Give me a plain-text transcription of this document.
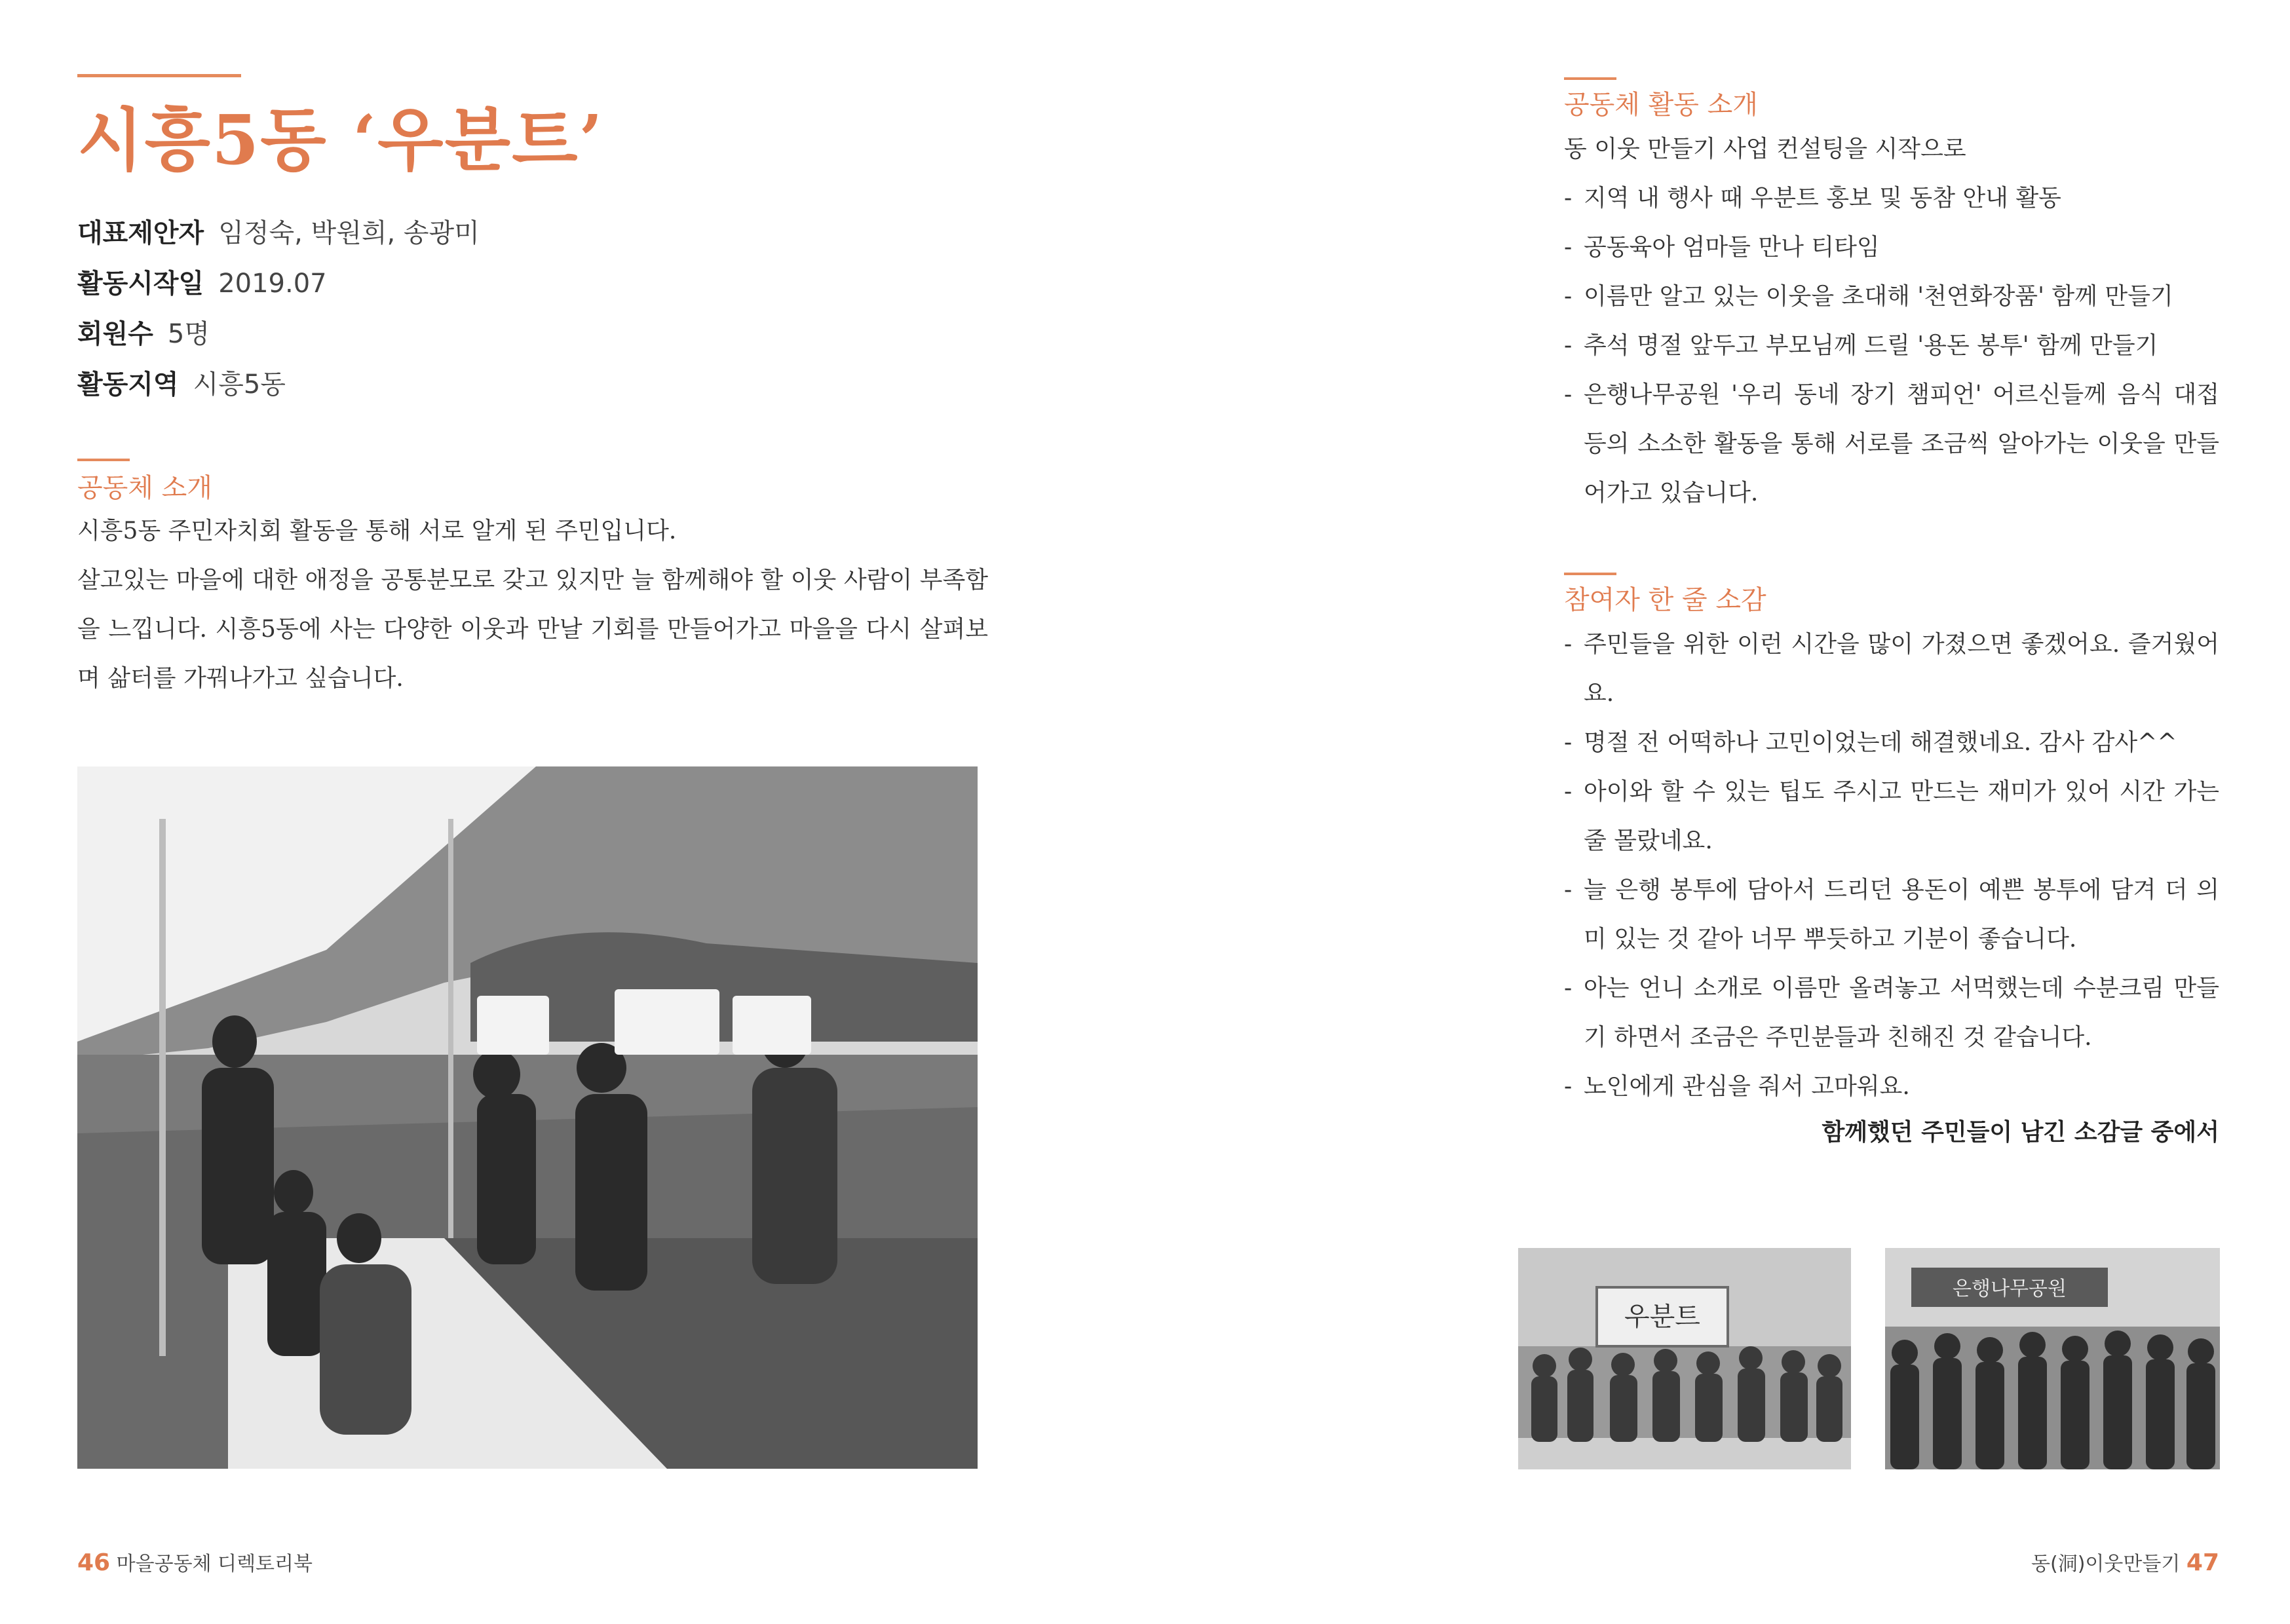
시흥5동 ‘우분트’
대표제안자 임정숙, 박원희, 송광미
활동시작일 2019.07
회원수 5명
활동지역 시흥5동
공동체 소개

시흥5동 주민자치회 활동을 통해 서로 알게 된 주민입니다.

살고있는 마을에 대한 애정을 공통분모로 갖고 있지만 늘 함께해야 할 이웃 사람이 부족함을 느낍니다. 시흥5동에 사는 다양한 이웃과 만날 기회를 만들어가고 마을을 다시 살펴보며 삶터를 가꿔나가고 싶습니다.

46 마을공동체 디렉토리북
공동체 활동 소개

동 이웃 만들기 사업 컨설팅을 시작으로

- 지역 내 행사 때 우분트 홍보 및 동참 안내 활동
- 공동육아 엄마들 만나 티타임
- 이름만 알고 있는 이웃을 초대해 '천연화장품' 함께 만들기
- 추석 명절 앞두고 부모님께 드릴 '용돈 봉투' 함께 만들기
- 은행나무공원 '우리 동네 장기 챔피언' 어르신들께 음식 대접 등의 소소한 활동을 통해 서로를 조금씩 알아가는 이웃을 만들어가고 있습니다.
참여자 한 줄 소감
- 주민들을 위한 이런 시간을 많이 가졌으면 좋겠어요. 즐거웠어요.
- 명절 전 어떡하나 고민이었는데 해결했네요. 감사 감사^^
- 아이와 할 수 있는 팁도 주시고 만드는 재미가 있어 시간 가는 줄 몰랐네요.
- 늘 은행 봉투에 담아서 드리던 용돈이 예쁜 봉투에 담겨 더 의미 있는 것 같아 너무 뿌듯하고 기분이 좋습니다.
- 아는 언니 소개로 이름만 올려놓고 서먹했는데 수분크림 만들기 하면서 조금은 주민분들과 친해진 것 같습니다.
- 노인에게 관심을 줘서 고마워요.
함께했던 주민들이 남긴 소감글 중에서
우분트
은행나무공원
동(洞)이웃만들기 47
